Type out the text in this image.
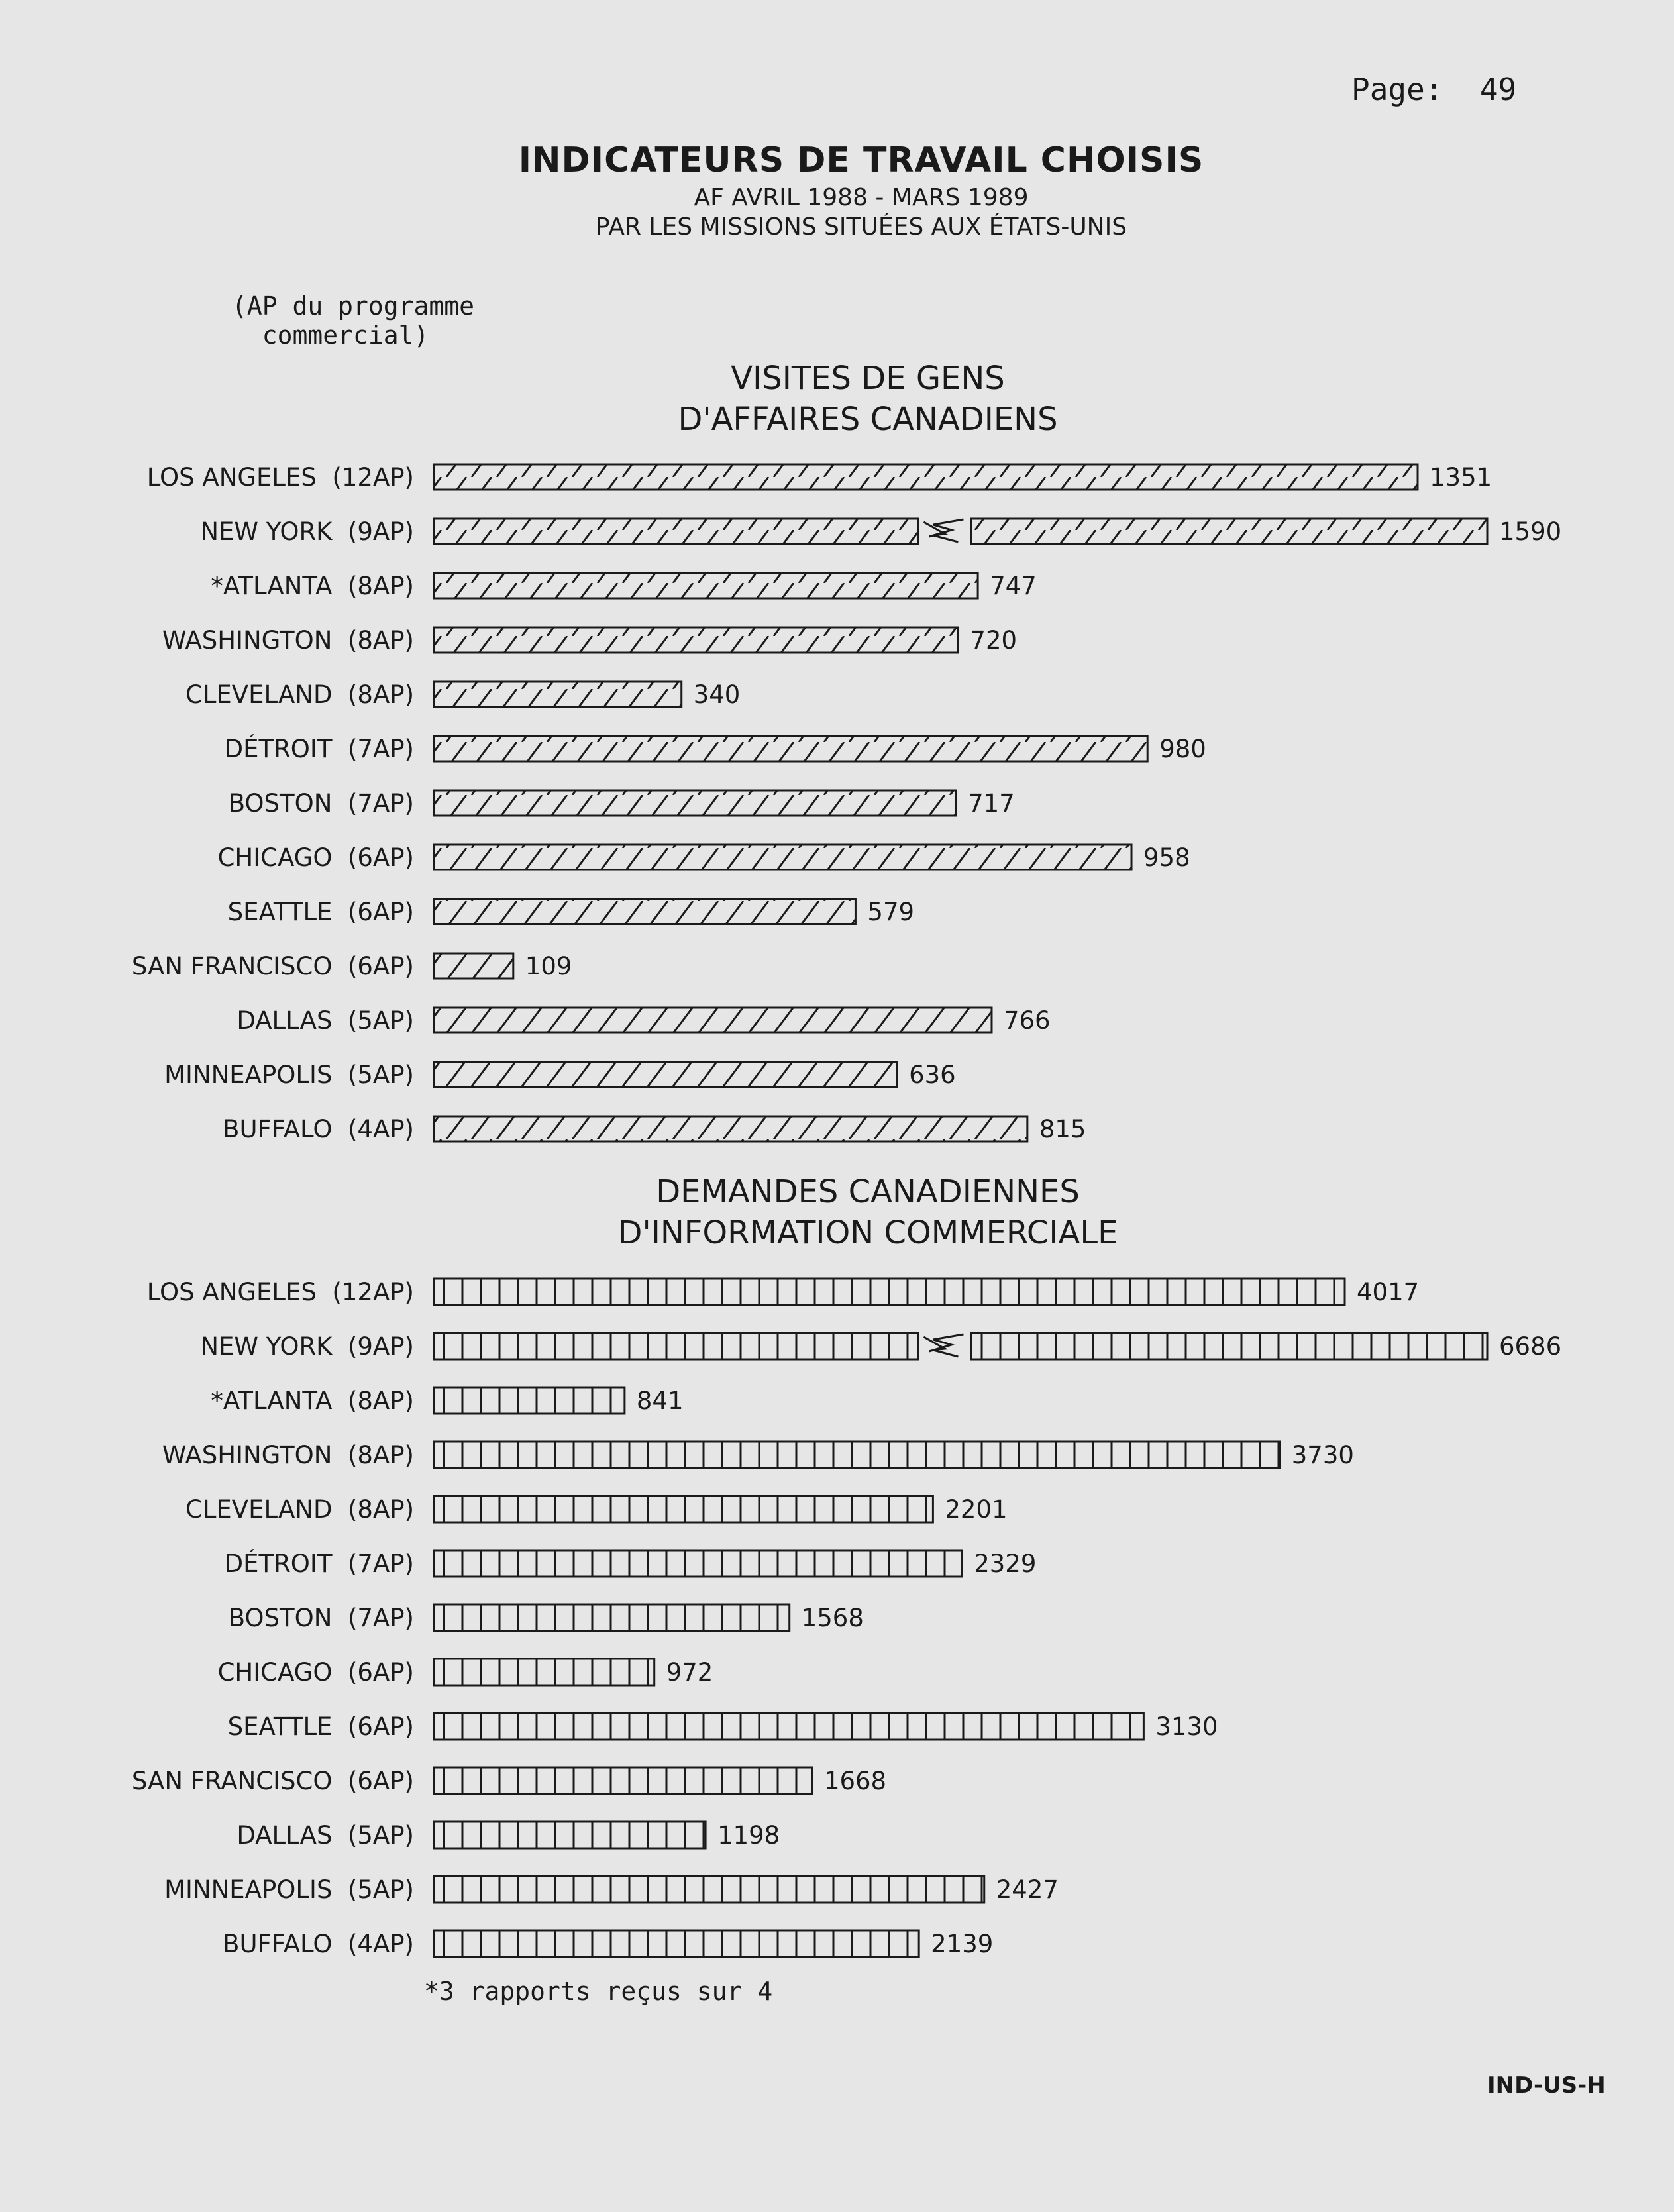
Page:  49
INDICATEURS DE TRAVAIL CHOISIS
AF AVRIL 1988 - MARS 1989
PAR LES MISSIONS SITUÉES AUX ÉTATS-UNIS
(AP du programme
commercial)
VISITES DE GENS
D'AFFAIRES CANADIENS
DEMANDES CANADIENNES
D'INFORMATION COMMERCIALE
LOS ANGELES  (12AP)	1351
NEW YORK  (9AP)	1590
*ATLANTA  (8AP)	747
WASHINGTON  (8AP)	720
CLEVELAND  (8AP)	340
DÉTROIT  (7AP)	980
BOSTON  (7AP)	717
CHICAGO  (6AP)	958
SEATTLE  (6AP)	579
SAN FRANCISCO  (6AP)	109
DALLAS  (5AP)	766
MINNEAPOLIS  (5AP)	636
BUFFALO  (4AP)	815
LOS ANGELES  (12AP)	4017
NEW YORK  (9AP)	6686
*ATLANTA  (8AP)	841
WASHINGTON  (8AP)	3730
CLEVELAND  (8AP)	2201
DÉTROIT  (7AP)	2329
BOSTON  (7AP)	1568
CHICAGO  (6AP)	972
SEATTLE  (6AP)	3130
SAN FRANCISCO  (6AP)	1668
DALLAS  (5AP)	1198
MINNEAPOLIS  (5AP)	2427
BUFFALO  (4AP)	2139
*3 rapports reçus sur 4
IND-US-H
